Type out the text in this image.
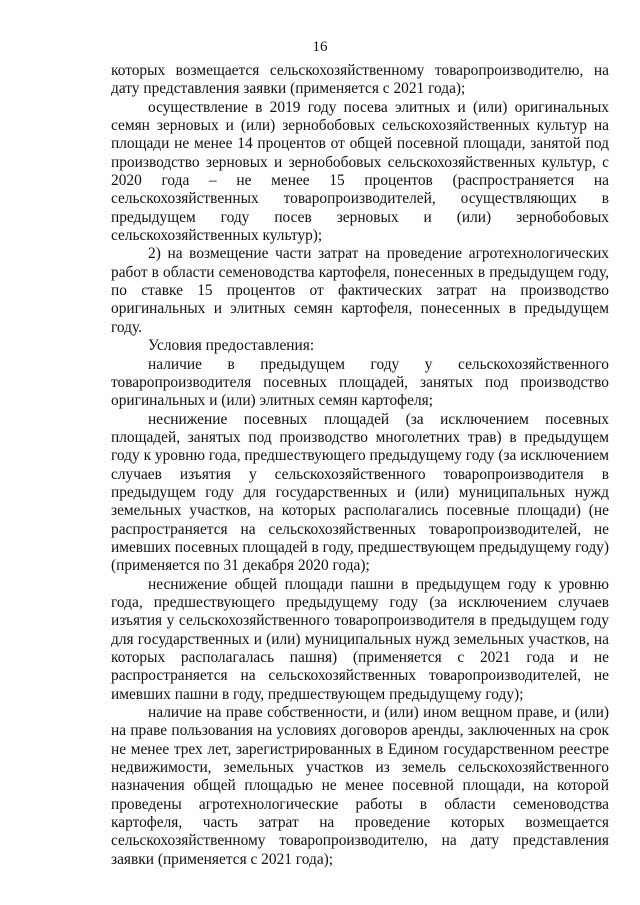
16

которых возмещается сельскохозяйственному товаропроизводителю, на дату представления заявки (применяется с 2021 года);

осуществление в 2019 году посева элитных и (или) оригинальных семян зерновых и (или) зернобобовых сельскохозяйственных культур на площади не менее 14 процентов от общей посевной площади, занятой под производство зерновых и зернобобовых сельскохозяйственных культур, с 2020 года – не менее 15 процентов (распространяется на сельскохозяйственных товаропроизводителей, осуществляющих в предыдущем году посев зерновых и (или) зернобобовых сельскохозяйственных культур);

2) на возмещение части затрат на проведение агротехнологических работ в области семеноводства картофеля, понесенных в предыдущем году, по ставке 15 процентов от фактических затрат на производство оригинальных и элитных семян картофеля, понесенных в предыдущем году.

Условия предоставления:

наличие в предыдущем году у сельскохозяйственного товаропроизводителя посевных площадей, занятых под производство оригинальных и (или) элитных семян картофеля;

неснижение посевных площадей (за исключением посевных площадей, занятых под производство многолетних трав) в предыдущем году к уровню года, предшествующего предыдущему году (за исключением случаев изъятия у сельскохозяйственного товаропроизводителя в предыдущем году для государственных и (или) муниципальных нужд земельных участков, на которых располагались посевные площади) (не распространяется на сельскохозяйственных товаропроизводителей, не имевших посевных площадей в году, предшествующем предыдущему году) (применяется по 31 декабря 2020 года);

неснижение общей площади пашни в предыдущем году к уровню года, предшествующего предыдущему году (за исключением случаев изъятия у сельскохозяйственного товаропроизводителя в предыдущем году для государственных и (или) муниципальных нужд земельных участков, на которых располагалась пашня) (применяется с 2021 года и не распространяется на сельскохозяйственных товаропроизводителей, не имевших пашни в году, предшествующем предыдущему году);

наличие на праве собственности, и (или) ином вещном праве, и (или) на праве пользования на условиях договоров аренды, заключенных на срок не менее трех лет, зарегистрированных в Едином государственном реестре недвижимости, земельных участков из земель сельскохозяйственного назначения общей площадью не менее посевной площади, на которой проведены агротехнологические работы в области семеноводства картофеля, часть затрат на проведение которых возмещается сельскохозяйственному товаропроизводителю, на дату представления заявки (применяется с 2021 года);
